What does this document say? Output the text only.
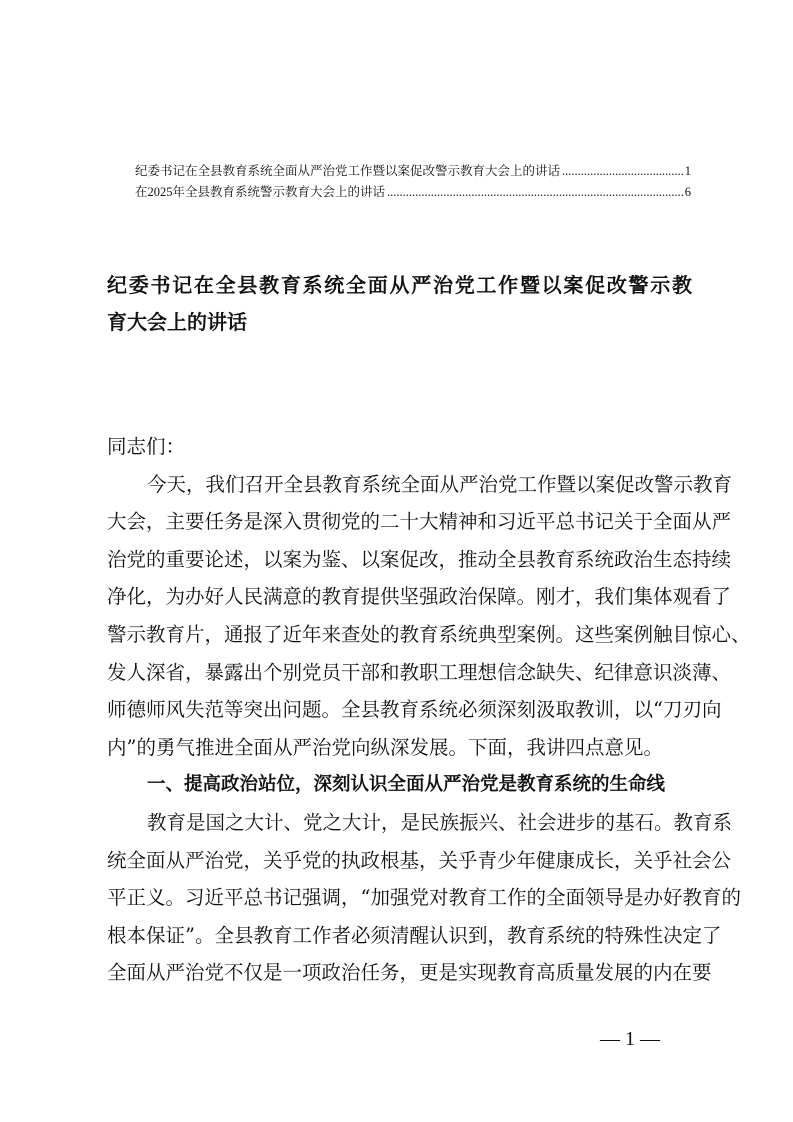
纪委书记在全县教育系统全面从严治党工作暨以案促改警示教育大会上的讲话 .....	1
在2025年全县教育系统警示教育大会上的讲话 .....	6
纪委书记在全县教育系统全面从严治党工作暨以案促改警示教
育大会上的讲话
同志们：
今天，我们召开全县教育系统全面从严治党工作暨以案促改警示教育
大会，主要任务是深入贯彻党的二十大精神和习近平总书记关于全面从严
治党的重要论述，以案为鉴、以案促改，推动全县教育系统政治生态持续
净化，为办好人民满意的教育提供坚强政治保障。刚才，我们集体观看了
警示教育片，通报了近年来查处的教育系统典型案例。这些案例触目惊心、
发人深省，暴露出个别党员干部和教职工理想信念缺失、纪律意识淡薄、
师德师风失范等突出问题。全县教育系统必须深刻汲取教训，以“刀刃向
内”的勇气推进全面从严治党向纵深发展。下面，我讲四点意见。
一、提高政治站位，深刻认识全面从严治党是教育系统的生命线
教育是国之大计、党之大计，是民族振兴、社会进步的基石。教育系
统全面从严治党，关乎党的执政根基，关乎青少年健康成长，关乎社会公
平正义。习近平总书记强调，“加强党对教育工作的全面领导是办好教育的
根本保证”。全县教育工作者必须清醒认识到，教育系统的特殊性决定了
全面从严治党不仅是一项政治任务，更是实现教育高质量发展的内在要
— 1 —
